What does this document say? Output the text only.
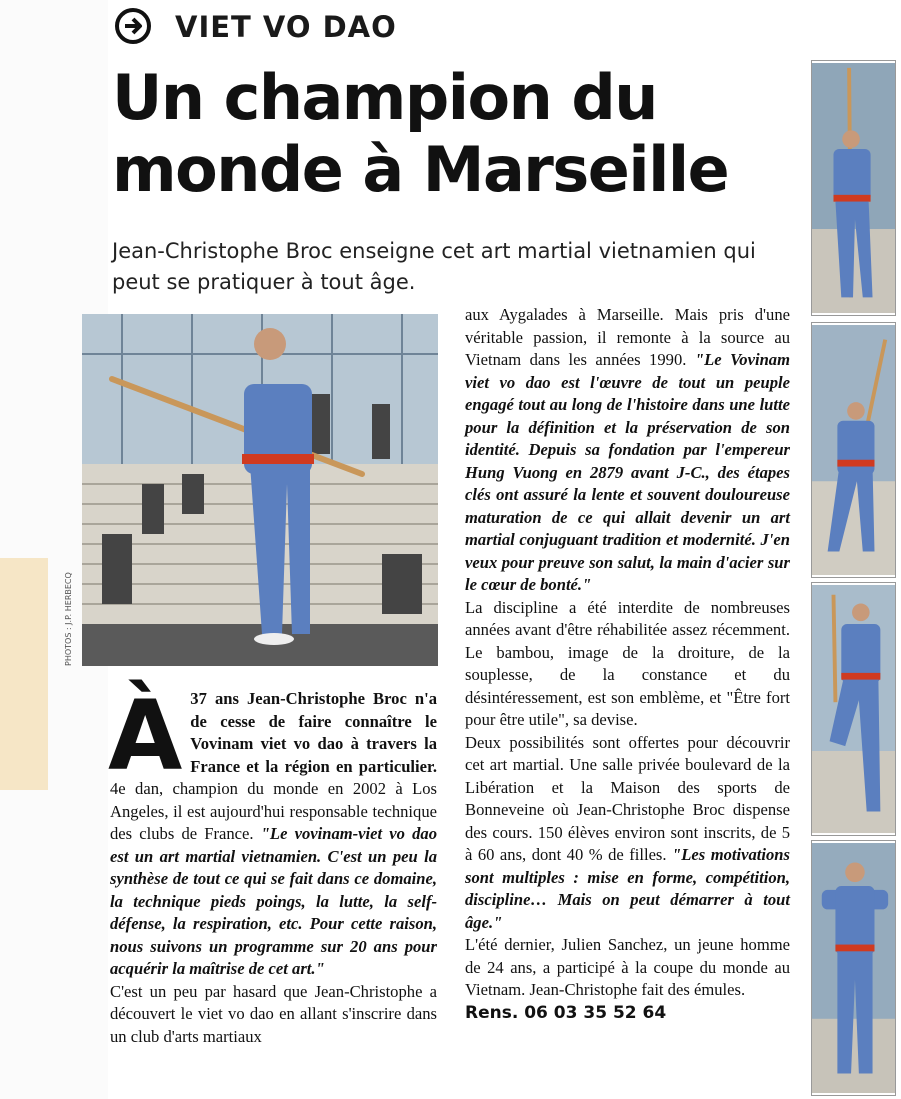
VIET VO DAO
Un champion du monde à Marseille
Jean-Christophe Broc enseigne cet art martial vietnamien qui peut se pratiquer à tout âge.
PHOTOS : J.P. HERBECQ

À 37 ans Jean-Christophe Broc n'a de cesse de faire connaître le Vovinam viet vo dao à travers la France et la région en particulier. 4e dan, champion du monde en 2002 à Los Angeles, il est aujourd'hui responsable technique des clubs de France. "Le vovinam-viet vo dao est un art martial vietnamien. C'est un peu la synthèse de tout ce qui se fait dans ce domaine, la technique pieds poings, la lutte, la self-défense, la respiration, etc. Pour cette raison, nous suivons un programme sur 20 ans pour acquérir la maîtrise de cet art."

C'est un peu par hasard que Jean-Christophe a découvert le viet vo dao en allant s'inscrire dans un club d'arts martiaux

aux Aygalades à Marseille. Mais pris d'une véritable passion, il remonte à la source au Vietnam dans les années 1990. "Le Vovinam viet vo dao est l'œuvre de tout un peuple engagé tout au long de l'histoire dans une lutte pour la définition et la préservation de son identité. Depuis sa fondation par l'empereur Hung Vuong en 2879 avant J-C., des étapes clés ont assuré la lente et souvent douloureuse maturation de ce qui allait devenir un art martial conjuguant tradition et modernité. J'en veux pour preuve son salut, la main d'acier sur le cœur de bonté."

La discipline a été interdite de nombreuses années avant d'être réhabilitée assez récemment. Le bambou, image de la droiture, de la souplesse, de la constance et du désintéressement, est son emblème, et "Être fort pour être utile", sa devise.

Deux possibilités sont offertes pour découvrir cet art martial. Une salle privée boulevard de la Libération et la Maison des sports de Bonneveine où Jean-Christophe Broc dispense des cours. 150 élèves environ sont inscrits, de 5 à 60 ans, dont 40 % de filles. "Les motivations sont multiples : mise en forme, compétition, discipline… Mais on peut démarrer à tout âge."

L'été dernier, Julien Sanchez, un jeune homme de 24 ans, a participé à la coupe du monde au Vietnam. Jean-Christophe fait des émules.

Rens. 06 03 35 52 64
